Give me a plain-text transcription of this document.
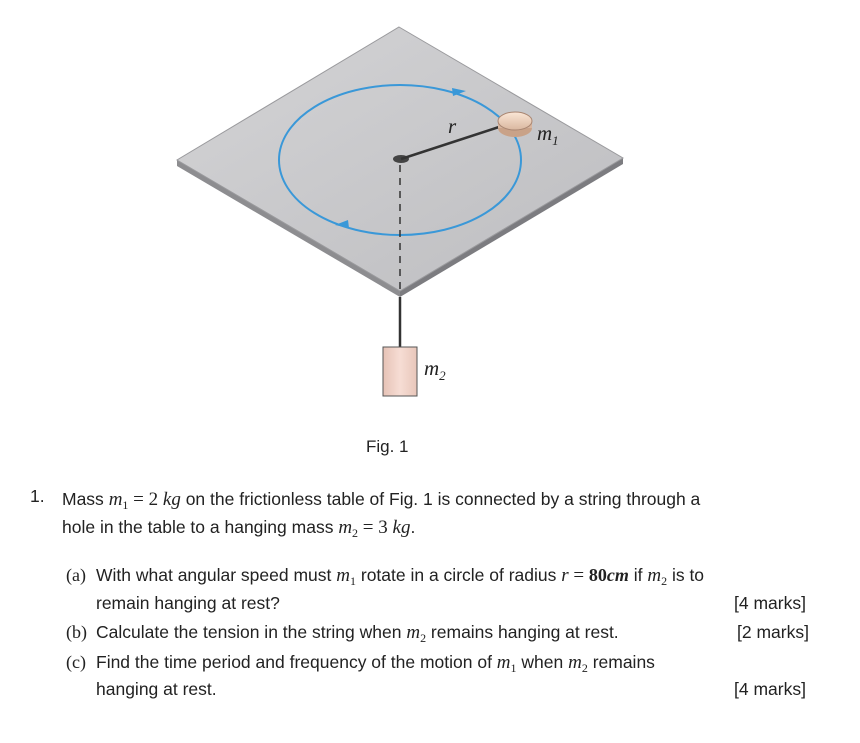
r	$m_1$
$m_2$
Fig. 1
1. Mass $m_1 = 2$ kg on the frictionless table of Fig. 1 is connected by a string through a
hole in the table to a hanging mass $m_2 = 3$ kg.
(a) With what angular speed must $m_1$ rotate in a circle of radius r = 80cm if $m_2$ is to
remain hanging at rest?	[4 marks]
(b) Calculate the tension in the string when $m_2$ remains hanging at rest.	[2 marks]
(c) Find the time period and frequency of the motion of $m_1$ when $m_2$ remains
hanging at rest.	[4 marks]
